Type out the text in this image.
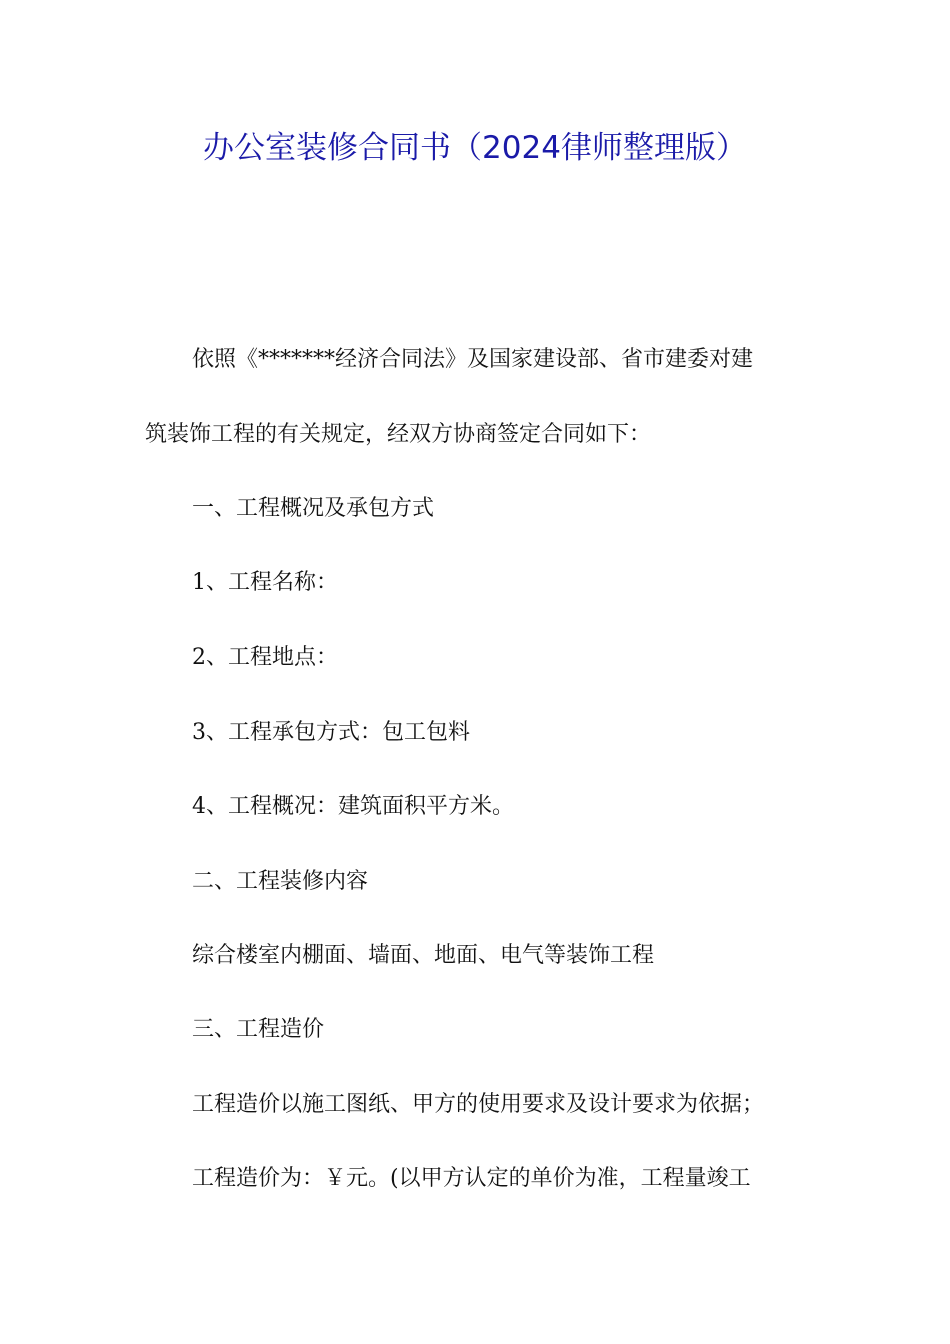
办公室装修合同书（2024律师整理版）
依照《*******经济合同法》及国家建设部、省市建委对建
筑装饰工程的有关规定，经双方协商签定合同如下：
一、工程概况及承包方式
1、工程名称：
2、工程地点：
3、工程承包方式：包工包料
4、工程概况：建筑面积平方米。
二、工程装修内容
综合楼室内棚面、墙面、地面、电气等装饰工程
三、工程造价
工程造价以施工图纸、甲方的使用要求及设计要求为依据；
工程造价为：￥元。(以甲方认定的单价为准，工程量竣工
